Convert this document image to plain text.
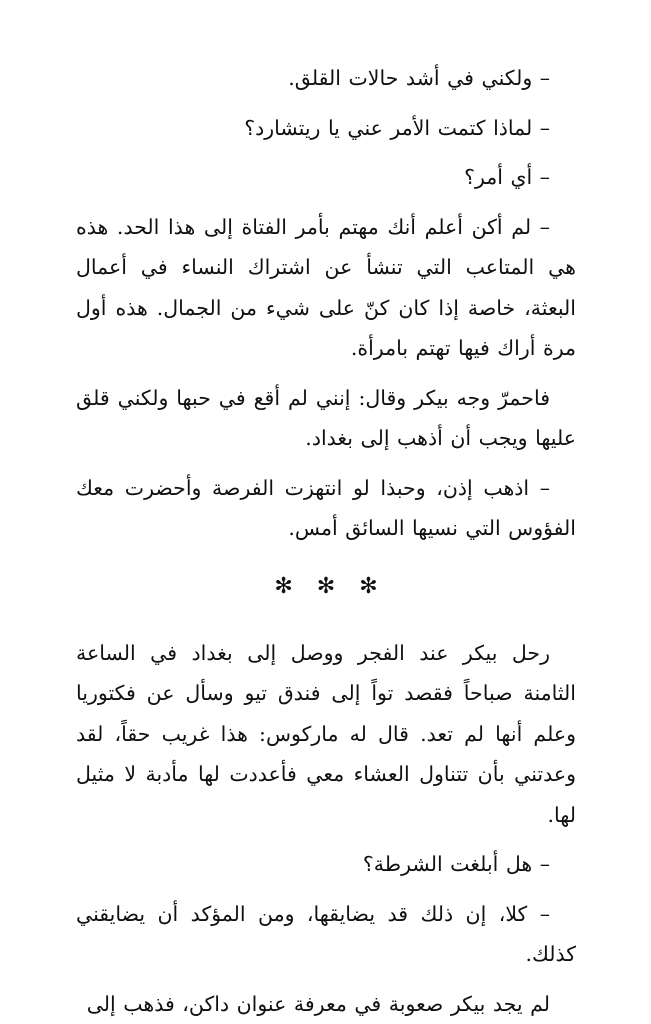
– ولكني في أشد حالات القلق.

– لماذا كتمت الأمر عني يا ريتشارد؟

– أي أمر؟

– لم أكن أعلم أنك مهتم بأمر الفتاة إلى هذا الحد. هذه هي المتاعب التي تنشأ عن اشتراك النساء في أعمال البعثة، خاصة إذا كان كنّ على شيء من الجمال. هذه أول مرة أراك فيها تهتم بامرأة.

فاحمرّ وجه بيكر وقال: إنني لم أقع في حبها ولكني قلق عليها ويجب أن أذهب إلى بغداد.

– اذهب إذن، وحبذا لو انتهزت الفرصة وأحضرت معك الفؤوس التي نسيها السائق أمس.

✻✻✻

رحل بيكر عند الفجر ووصل إلى بغداد في الساعة الثامنة صباحاً فقصد تواً إلى فندق تيو وسأل عن فكتوريا وعلم أنها لم تعد. قال له ماركوس: هذا غريب حقاً، لقد وعدتني بأن تتناول العشاء معي فأعددت لها مأدبة لا مثيل لها.

– هل أبلغت الشرطة؟

– كلا، إن ذلك قد يضايقها، ومن المؤكد أن يضايقني كذلك.

لم يجد بيكر صعوبة في معرفة عنوان داكن، فذهب إلى
